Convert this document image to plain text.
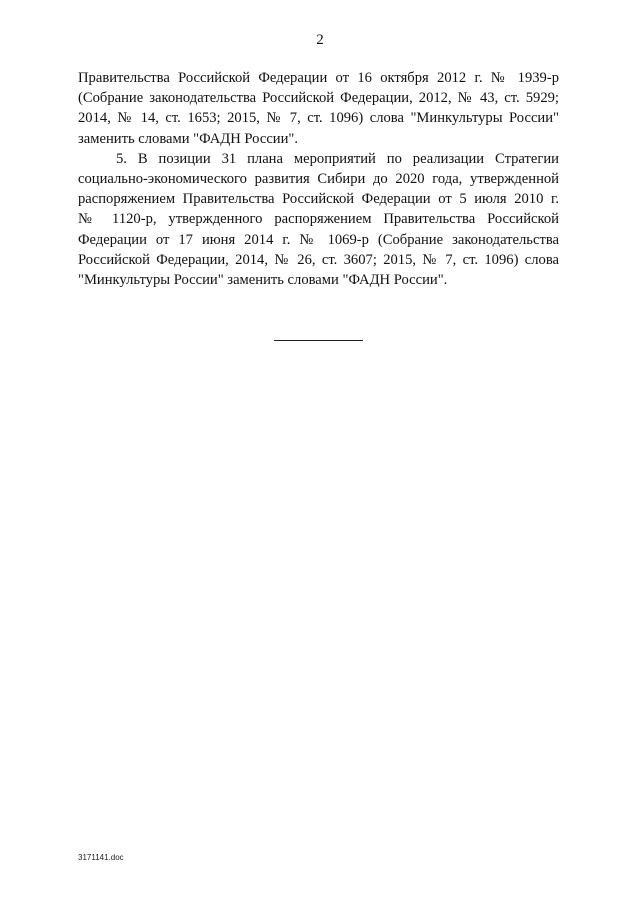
2

Правительства Российской Федерации от 16 октября 2012 г. № 1939-р
(Собрание законодательства Российской Федерации, 2012, № 43, ст. 5929;
2014, № 14, ст. 1653; 2015, № 7, ст. 1096) слова "Минкультуры России"
заменить словами "ФАДН России".

5. В позиции 31 плана мероприятий по реализации Стратегии
социально-экономического развития Сибири до 2020 года, утвержденной
распоряжением Правительства Российской Федерации от 5 июля 2010 г.
№ 1120-р, утвержденного распоряжением Правительства Российской
Федерации от 17 июня 2014 г. № 1069-р (Собрание законодательства
Российской Федерации, 2014, № 26, ст. 3607; 2015, № 7, ст. 1096) слова
"Минкультуры России" заменить словами "ФАДН России".

3171141.doc
